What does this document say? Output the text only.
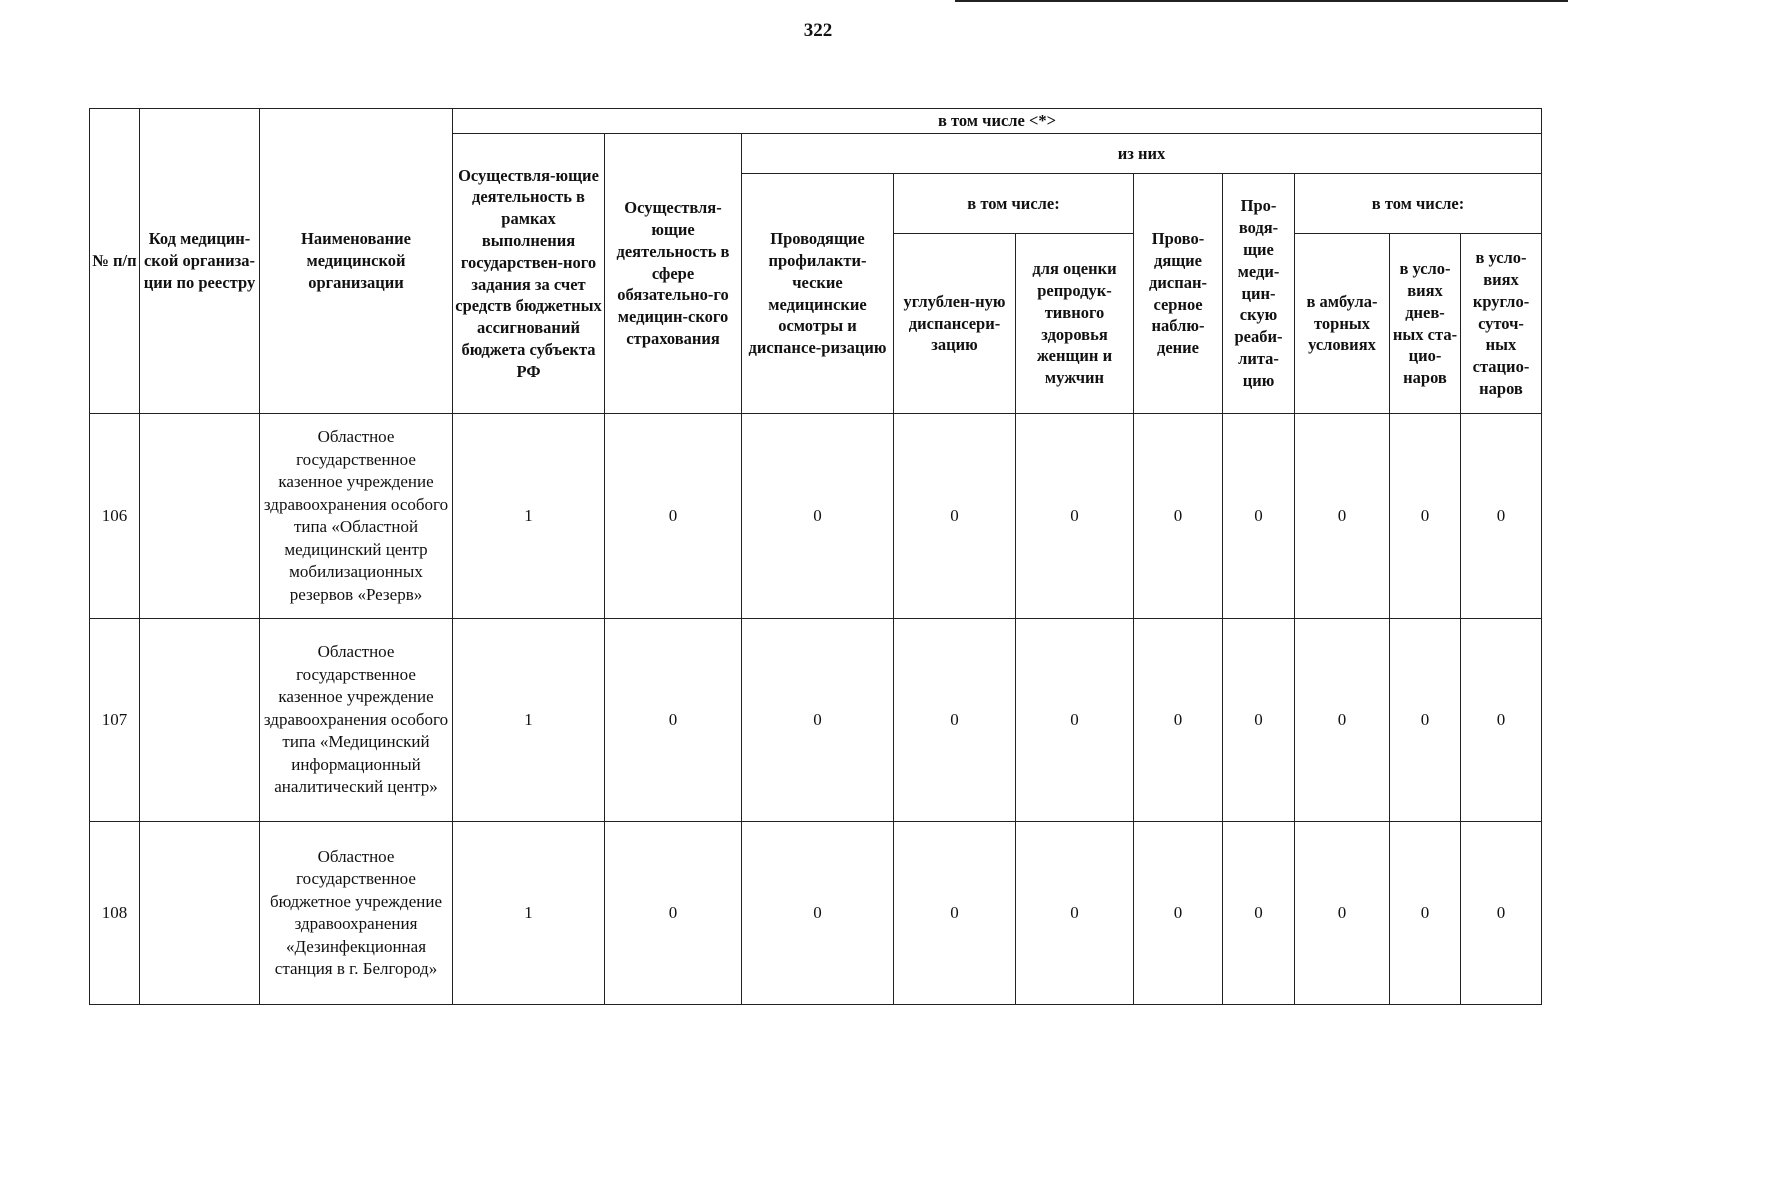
322
№ п/п	Код медицин-ской организа-ции по реестру	Наименование медицинской организации	в том числе <*>									
			Осуществля-ющие деятельность в рамках выполнения государствен-ного задания за счет средств бюджетных ассигнований бюджета субъекта РФ	Осуществля-ющие деятельность в сфере обязательно-го медицин-ского страхования	из них							
					Проводящие профилакти-ческие медицинские осмотры и диспансе-ризацию	в том числе:		Прово-дящие диспан-серное наблю-дение	Про-водя-щие меди-цин-скую реаби-лита-цию	в том числе:		
						углублен-ную диспансери-зацию	для оценки репродук-тивного здоровья женщин и мужчин			в амбула-торных условиях	в усло-виях днев-ных ста-цио-наров	в усло-виях кругло-суточ-ных стацио-наров
106		Областное государственное казенное учреждение здравоохранения особого типа «Областной медицинский центр мобилизационных резервов «Резерв»	1	0	0	0	0	0	0	0	0	0
107		Областное государственное казенное учреждение здравоохранения особого типа «Медицинский информационный аналитический центр»	1	0	0	0	0	0	0	0	0	0
108		Областное государственное бюджетное учреждение здравоохранения «Дезинфекционная станция в г. Белгород»	1	0	0	0	0	0	0	0	0	0
